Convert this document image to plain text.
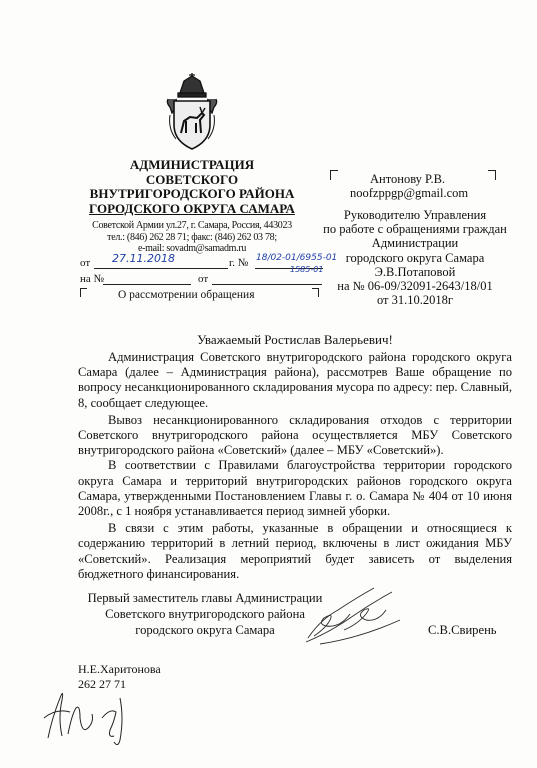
АДМИНИСТРАЦИЯ
СОВЕТСКОГО
ВНУТРИГОРОДСКОГО РАЙОНА
ГОРОДСКОГО ОКРУГА САМАРА
Советской Армии ул.27, г. Самара, Россия, 443023
тел.: (846) 262 28 71; факс: (846) 262 03 78;
e-mail: sovadm@samadm.ru
от 27.11.2018	г. № 18/02-01/6955-01
1585-01
на №	от
О рассмотрении обращения
Антонову Р.В.
noofzppgp@gmail.com
Руководителю Управления
по работе с обращениями граждан
Администрации
городского округа Самара
Э.В.Потаповой
на № 06-09/32091-2643/18/01
от 31.10.2018г
Уважаемый Ростислав Валерьевич!

Администрация Советского внутригородского района городского округа Самара (далее – Администрация района), рассмотрев Ваше обращение по вопросу несанкционированного складирования мусора по адресу: пер. Славный, 8, сообщает следующее.

Вывоз несанкционированного складирования отходов с территории Советского внутригородского района осуществляется МБУ Советского внутригородского района «Советский» (далее – МБУ «Советский»).

В соответствии с Правилами благоустройства территории городского округа Самара и территорий внутригородских районов городского округа Самара, утвержденными Постановлением Главы г. о. Самара № 404 от 10 июня 2008г., с 1 ноября устанавливается период зимней уборки.

В связи с этим работы, указанные в обращении и относящиеся к содержанию территорий в летний период, включены в лист ожидания МБУ «Советский». Реализация мероприятий будет зависеть от выделения бюджетного финансирования.

Первый заместитель главы Администрации
Советского внутригородского района
городского округа Самара	С.В.Свирень
Н.Е.Харитонова
262 27 71
